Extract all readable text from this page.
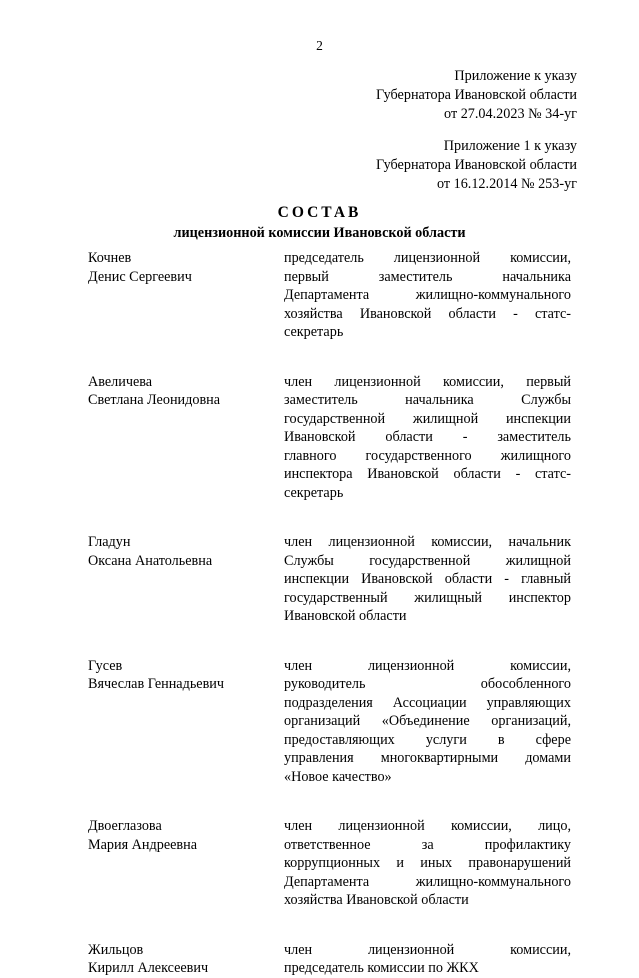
2
Приложение к указу
Губернатора Ивановской области
от 27.04.2023 № 34-уг
Приложение 1 к указу
Губернатора Ивановской области
от 16.12.2014 № 253-уг
СОСТАВ
лицензионной комиссии Ивановской области
Кочнев
Денис Сергеевич
председатель лицензионной комиссии,
первый заместитель начальника
Департамента жилищно-коммунального
хозяйства Ивановской области - статс-
секретарь
Авеличева
Светлана Леонидовна
член лицензионной комиссии, первый
заместитель начальника Службы
государственной жилищной инспекции
Ивановской области - заместитель
главного государственного жилищного
инспектора Ивановской области - статс-
секретарь
Гладун
Оксана Анатольевна
член лицензионной комиссии, начальник
Службы государственной жилищной
инспекции Ивановской области - главный
государственный жилищный инспектор
Ивановской области
Гусев
Вячеслав Геннадьевич
член лицензионной комиссии,
руководитель обособленного
подразделения Ассоциации управляющих
организаций «Объединение организаций,
предоставляющих услуги в сфере
управления многоквартирными домами
«Новое качество»
Двоеглазова
Мария Андреевна
член лицензионной комиссии, лицо,
ответственное за профилактику
коррупционных и иных правонарушений
Департамента жилищно-коммунального
хозяйства Ивановской области
Жильцов
Кирилл Алексеевич
член лицензионной комиссии,
председатель комиссии по ЖКХ
